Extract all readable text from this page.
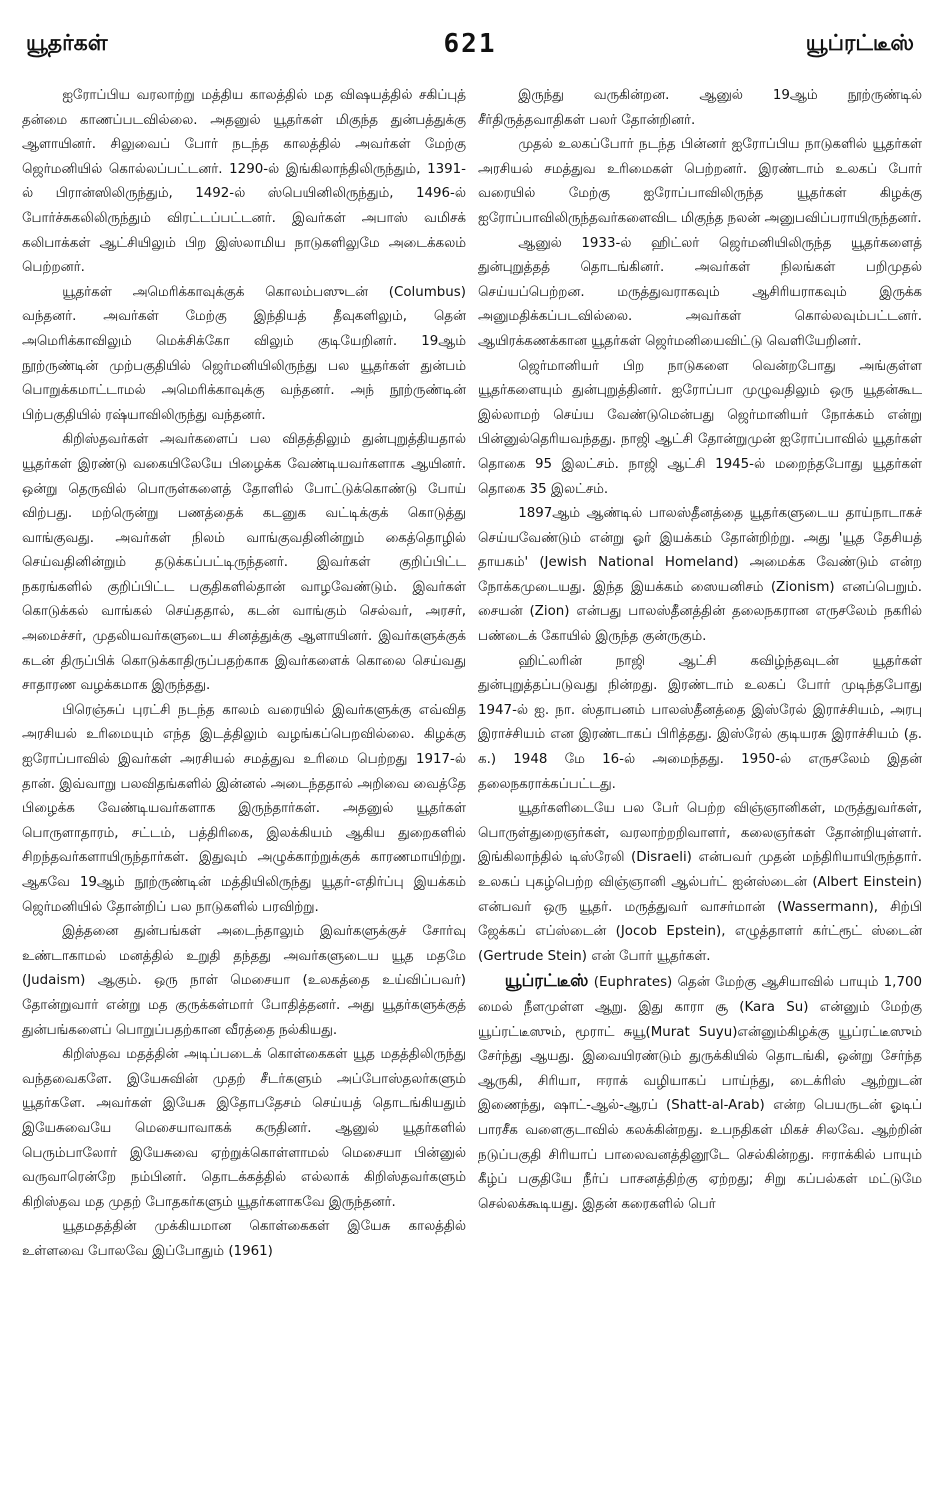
யூதர்கள்	621	யூப்ரட்டீஸ்

ஐரோப்பிய வரலாற்று மத்திய காலத்தில் மத விஷயத்தில் சகிப்புத் தன்மை காணப்படவில்லை. அதனுல் யூதர்கள் மிகுந்த துன்பத்துக்கு ஆளாயினர். சிலுவைப் போர் நடந்த காலத்தில் அவர்கள் மேற்கு ஜெர்மனியில் கொல்லப்பட்டனர். 1290-ல் இங்கிலாந்திலிருந்தும், 1391-ல் பிரான்ஸிலிருந்தும், 1492-ல் ஸ்பெயினிலிருந்தும், 1496-ல் போர்ச்சுகலிலிருந்தும் விரட்டப்பட்டனர். இவர்கள் அபாஸ் வமிசக் கலிபாக்கள் ஆட்சியிலும் பிற இஸ்லாமிய நாடுகளிலுமே அடைக்கலம் பெற்றனர்.

யூதர்கள் அமெரிக்காவுக்குக் கொலம்பஸுடன் (Columbus) வந்தனர். அவர்கள் மேற்கு இந்தியத் தீவுகளிலும், தென் அமெரிக்காவிலும் மெக்சிக்கோ விலும் குடியேறினர். 19ஆம் நூற்ருண்டின் முற்பகுதியில் ஜெர்மனியிலிருந்து பல யூதர்கள் துன்பம் பொறுக்கமாட்டாமல் அமெரிக்காவுக்கு வந்தனர். அந் நூற்ருண்டின் பிற்பகுதியில் ரஷ்யாவிலிருந்து வந்தனர்.

கிறிஸ்தவர்கள் அவர்களைப் பல விதத்திலும் துன்புறுத்தியதால் யூதர்கள் இரண்டு வகையிலேயே பிழைக்க வேண்டியவர்களாக ஆயினர். ஒன்று தெருவில் பொருள்களைத் தோளில் போட்டுக்கொண்டு போய் விற்பது. மற்ருென்று பணத்தைக் கடனுக வட்டிக்குக் கொடுத்து வாங்குவது. அவர்கள் நிலம் வாங்குவதினின்றும் கைத்தொழில் செய்வதினின்றும் தடுக்கப்பட்டிருந்தனர். இவர்கள் குறிப்பிட்ட நகரங்களில் குறிப்பிட்ட பகுதிகளில்தான் வாழவேண்டும். இவர்கள் கொடுக்கல் வாங்கல் செய்ததால், கடன் வாங்கும் செல்வர், அரசர், அமைச்சர், முதலியவர்களுடைய சினத்துக்கு ஆளாயினர். இவர்களுக்குக் கடன் திருப்பிக் கொடுக்காதிருப்பதற்காக இவர்களைக் கொலை செய்வது சாதாரண வழக்கமாக இருந்தது.

பிரெஞ்சுப் புரட்சி நடந்த காலம் வரையில் இவர்களுக்கு எவ்வித அரசியல் உரிமையும் எந்த இடத்திலும் வழங்கப்பெறவில்லை. கிழக்கு ஐரோப்பாவில் இவர்கள் அரசியல் சமத்துவ உரிமை பெற்றது 1917-ல் தான். இவ்வாறு பலவிதங்களில் இன்னல் அடைந்ததால் அறிவை வைத்தே பிழைக்க வேண்டியவர்களாக இருந்தார்கள். அதனுல் யூதர்கள் பொருளாதாரம், சட்டம், பத்திரிகை, இலக்கியம் ஆகிய துறைகளில் சிறந்தவர்களாயிருந்தார்கள். இதுவும் அழுக்காற்றுக்குக் காரணமாயிற்று. ஆகவே 19ஆம் நூற்ருண்டின் மத்தியிலிருந்து யூதர்-எதிர்ப்பு இயக்கம் ஜெர்மனியில் தோன்றிப் பல நாடுகளில் பரவிற்று.

இத்தனை துன்பங்கள் அடைந்தாலும் இவர்களுக்குச் சோர்வு உண்டாகாமல் மனத்தில் உறுதி தந்தது அவர்களுடைய யூத மதமே (Judaism) ஆகும். ஒரு நாள் மெசையா (உலகத்தை உய்விப்பவர்) தோன்றுவார் என்று மத குருக்கள்மார் போதித்தனர். அது யூதர்களுக்குத் துன்பங்களைப் பொறுப்பதற்கான வீரத்தை நல்கியது.

கிறிஸ்தவ மதத்தின் அடிப்படைக் கொள்கைகள் யூத மதத்திலிருந்து வந்தவைகளே. இயேசுவின் முதற் சீடர்களும் அப்போஸ்தலர்களும் யூதர்களே. அவர்கள் இயேசு இதோபதேசம் செய்யத் தொடங்கியதும் இயேசுவையே மெசையாவாகக் கருதினர். ஆனுல் யூதர்களில் பெரும்பாலோர் இயேசுவை ஏற்றுக்கொள்ளாமல் மெசையா பின்னுல் வருவாரென்றே நம்பினர். தொடக்கத்தில் எல்லாக் கிறிஸ்தவர்களும் கிறிஸ்தவ மத முதற் போதகர்களும் யூதர்களாகவே இருந்தனர்.

யூதமதத்தின் முக்கியமான கொள்கைகள் இயேசு காலத்தில் உள்ளவை போலவே இப்போதும் (1961)

இருந்து வருகின்றன. ஆனுல் 19ஆம் நூற்ருண்டில் சீர்திருத்தவாதிகள் பலர் தோன்றினர்.

முதல் உலகப்போர் நடந்த பின்னர் ஐரோப்பிய நாடுகளில் யூதர்கள் அரசியல் சமத்துவ உரிமைகள் பெற்றனர். இரண்டாம் உலகப் போர் வரையில் மேற்கு ஐரோப்பாவிலிருந்த யூதர்கள் கிழக்கு ஐரோப்பாவிலிருந்தவர்களைவிட மிகுந்த நலன் அனுபவிப்பராயிருந்தனர்.

ஆனுல் 1933-ல் ஹிட்லர் ஜெர்மனியிலிருந்த யூதர்களைத் துன்புறுத்தத் தொடங்கினர். அவர்கள் நிலங்கள் பறிமுதல் செய்யப்பெற்றன. மருத்துவராகவும் ஆசிரியராகவும் இருக்க அனுமதிக்கப்படவில்லை. அவர்கள் கொல்லவும்பட்டனர். ஆயிரக்கணக்கான யூதர்கள் ஜெர்மனியைவிட்டு வெளியேறினர்.

ஜெர்மானியர் பிற நாடுகளை வென்றபோது அங்குள்ள யூதர்களையும் துன்புறுத்தினர். ஐரோப்பா முழுவதிலும் ஒரு யூதன்கூட இல்லாமற் செய்ய வேண்டுமென்பது ஜெர்மானியர் நோக்கம் என்று பின்னுல்தெரியவந்தது. நாஜி ஆட்சி தோன்றுமுன் ஐரோப்பாவில் யூதர்கள் தொகை 95 இலட்சம். நாஜி ஆட்சி 1945-ல் மறைந்தபோது யூதர்கள் தொகை 35 இலட்சம்.

1897ஆம் ஆண்டில் பாலஸ்தீனத்தை யூதர்களுடைய தாய்நாடாகச் செய்யவேண்டும் என்று ஓர் இயக்கம் தோன்றிற்று. அது 'யூத தேசியத் தாயகம்' (Jewish National Homeland) அமைக்க வேண்டும் என்ற நோக்கமுடையது. இந்த இயக்கம் ஸையனிசம் (Zionism) எனப்பெறும். சையன் (Zion) என்பது பாலஸ்தீனத்தின் தலைநகரான எருசலேம் நகரில் பண்டைக் கோயில் இருந்த குன்ருகும்.

ஹிட்லரின் நாஜி ஆட்சி கவிழ்ந்தவுடன் யூதர்கள் துன்புறுத்தப்படுவது நின்றது. இரண்டாம் உலகப் போர் முடிந்தபோது 1947-ல் ஐ. நா. ஸ்தாபனம் பாலஸ்தீனத்தை இஸ்ரேல் இராச்சியம், அரபு இராச்சியம் என இரண்டாகப் பிரித்தது. இஸ்ரேல் குடியரசு இராச்சியம் (த. க.) 1948 மே 16-ல் அமைந்தது. 1950-ல் எருசலேம் இதன் தலைநகராக்கப்பட்டது.

யூதர்களிடையே பல பேர் பெற்ற விஞ்ஞானிகள், மருத்துவர்கள், பொருள்துறைஞர்கள், வரலாற்றறிவாளர், கலைஞர்கள் தோன்றியுள்ளர். இங்கிலாந்தில் டிஸ்ரேலி (Disraeli) என்பவர் முதன் மந்திரியாயிருந்தார். உலகப் புகழ்பெற்ற விஞ்ஞானி ஆல்பர்ட் ஐன்ஸ்டைன் (Albert Einstein) என்பவர் ஒரு யூதர். மருத்துவர் வாசர்மான் (Wassermann), சிற்பி ஜேக்கப் எப்ஸ்டைன் (Jocob Epstein), எழுத்தாளர் கர்ட்ரூட் ஸ்டைன் (Gertrude Stein) என் போர் யூதர்கள்.

யூப்ரட்டீஸ் (Euphrates) தென் மேற்கு ஆசியாவில் பாயும் 1,700 மைல் நீளமுள்ள ஆறு. இது காரா சூ (Kara Su) என்னும் மேற்கு யூப்ரட்டீஸும், மூராட் சுயூ(Murat Suyu)என்னும்கிழக்கு யூப்ரட்டீஸும் சேர்ந்து ஆயது. இவையிரண்டும் துருக்கியில் தொடங்கி, ஒன்று சேர்ந்த ஆருகி, சிரியா, ஈராக் வழியாகப் பாய்ந்து, டைக்ரிஸ் ஆற்றுடன் இணைந்து, ஷாட்-ஆல்-ஆரப் (Shatt-al-Arab) என்ற பெயருடன் ஓடிப் பாரசீக வளைகுடாவில் கலக்கின்றது. உபநதிகள் மிகச் சிலவே. ஆற்றின் நடுப்பகுதி சிரியாப் பாலைவனத்தினூடே செல்கின்றது. ஈராக்கில் பாயும் கீழ்ப் பகுதியே நீர்ப் பாசனத்திற்கு ஏற்றது; சிறு கப்பல்கள் மட்டுமே செல்லக்கூடியது. இதன் கரைகளில் பெர்
